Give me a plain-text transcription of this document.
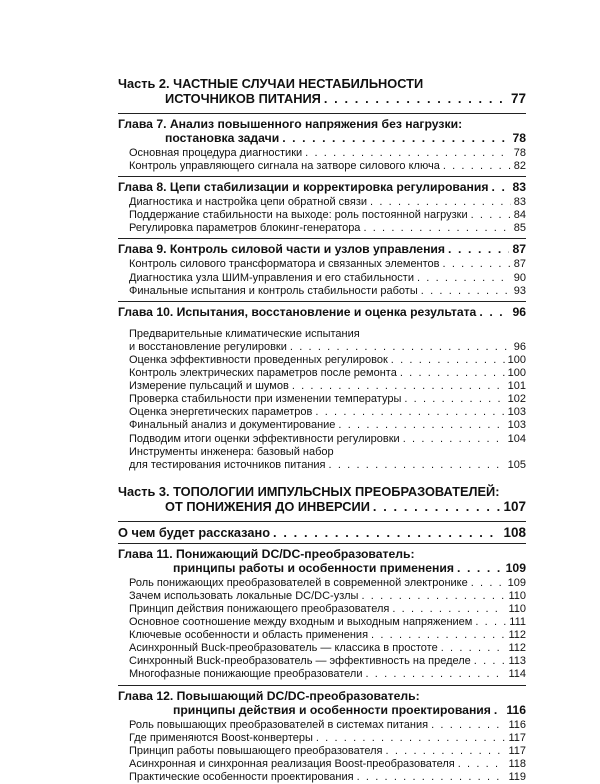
Часть 2. ЧАСТНЫЕ СЛУЧАИ НЕСТАБИЛЬНОСТИ
ИСТОЧНИКОВ ПИТАНИЯ . . .	77
Глава 7. Анализ повышенного напряжения без нагрузки:
постановка задачи . . .	78
Основная процедура диагностики . . .	78
Контроль управляющего сигнала на затворе силового ключа . . .	82
Глава 8. Цепи стабилизации и корректировка регулирования . . . 83
Диагностика и настройка цепи обратной связи . . .	83
Поддержание стабильности на выходе: роль постоянной нагрузки . . .	84
Регулировка параметров блокинг-генератора . . .	85
Глава 9. Контроль силовой части и узлов управления . . .	87
Контроль силового трансформатора и связанных элементов . . .	87
Диагностика узла ШИМ-управления и его стабильности . . .	90
Финальные испытания и контроль стабильности работы . . .	93
Глава 10. Испытания, восстановление и оценка результата . . .	96
Предварительные климатические испытания
и восстановление регулировки . . .	96
Оценка эффективности проведенных регулировок . . .	100
Контроль электрических параметров после ремонта . . .	100
Измерение пульсаций и шумов . . .	101
Проверка стабильности при изменении температуры . . .	102
Оценка энергетических параметров . . .	103
Финальный анализ и документирование . . .	103
Подводим итоги оценки эффективности регулировки . . .	104
Инструменты инженера: базовый набор
для тестирования источников питания . . .	105
Часть 3. ТОПОЛОГИИ ИМПУЛЬСНЫХ ПРЕОБРАЗОВАТЕЛЕЙ:
ОТ ПОНИЖЕНИЯ ДО ИНВЕРСИИ . . .	107
О чем будет рассказано . . .	108
Глава 11. Понижающий DC/DC-преобразователь:
принципы работы и особенности применения . . .	109
Роль понижающих преобразователей в современной электронике . . .	109
Зачем использовать локальные DC/DC-узлы . . .	110
Принцип действия понижающего преобразователя . . .	110
Основное соотношение между входным и выходным напряжением . . .	111
Ключевые особенности и область применения . . .	112
Асинхронный Buck-преобразователь — классика в простоте . . .	112
Синхронный Buck-преобразователь — эффективность на пределе . . .	113
Многофазные понижающие преобразователи . . .	114
Глава 12. Повышающий DC/DC-преобразователь:
принципы действия и особенности проектирования . . . 116
Роль повышающих преобразователей в системах питания . . .	116
Где применяются Boost-конвертеры . . .	117
Принцип работы повышающего преобразователя . . .	117
Асинхронная и синхронная реализация Boost-преобразователя . . .	118
Практические особенности проектирования . . .	119
